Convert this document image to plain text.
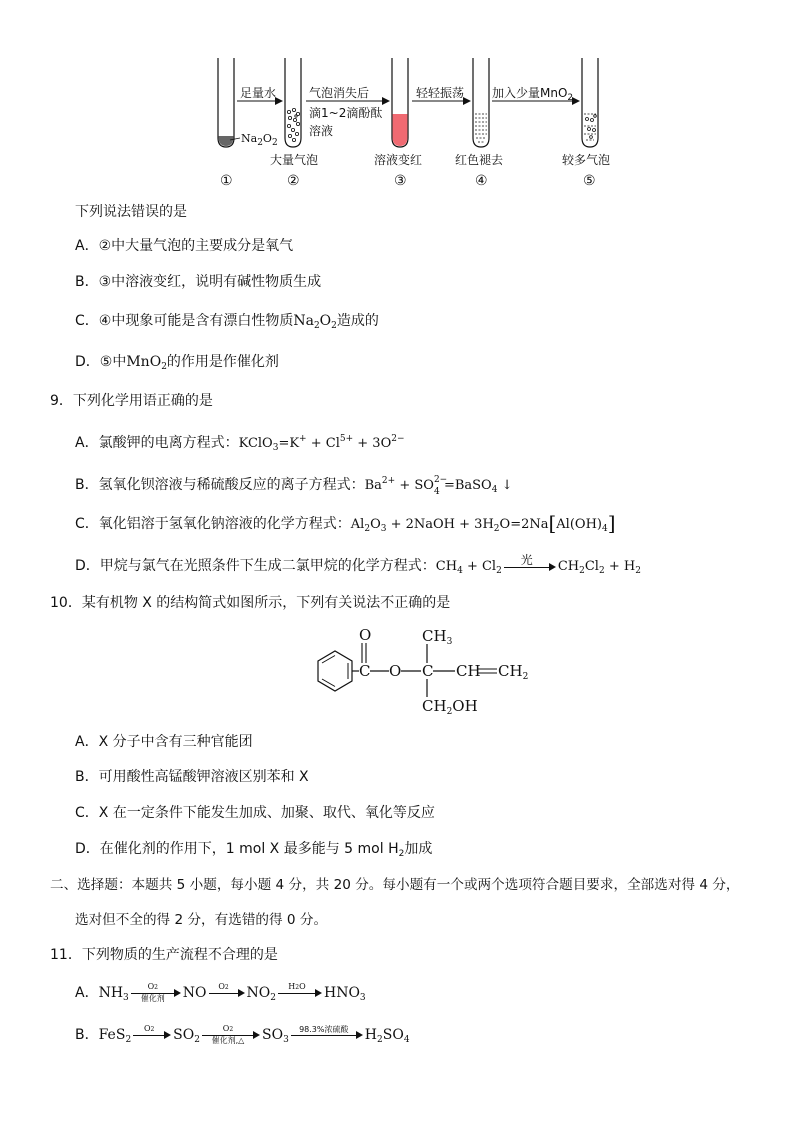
足量水	气泡消失后
滴1~2滴酚酞
溶液
轻轻振荡 加入少量MnO$_2$
$Na_2O_2$
大量气泡	溶液变红	红色褪去	较多气泡
①	②	③	④	⑤
下列说法错误的是
A．②中大量气泡的主要成分是氧气
B．③中溶液变红，说明有碱性物质生成
C．④中现象可能是含有漂白性物质$Na_2O_2$造成的
D．⑤中MnO$_2$的作用是作催化剂
9．下列化学用语正确的是
A．氯酸钾的电离方程式：KClO$_3$=K+ + $Cl^{5+} + 3O^{2-}$
B．氢氧化钡溶液与稀硫酸反应的离子方程式：$Ba^{2+}$ + SO 2−
4 =BaSO$_4$ ↓
C．氧化铝溶于氢氧化钠溶液的化学方程式：$Al_2O_3$ + 2NaOH + $3H_2O=2Na[Al(OH)_4]$
D．甲烷与氯气在光照条件下生成二氯甲烷的化学方程式：$CH_4 + Cl_2$
光	$CH_2Cl_2 + H_2$
10．某有机物 X 的结构简式如图所示，下列有关说法不正确的是
O
C O C
$CH_3$
CH $CH_2$
$CH_2OH$
A．X 分子中含有三种官能团
B．可用酸性高锰酸钾溶液区别苯和 X
C．X 在一定条件下能发生加成、加聚、取代、氧化等反应
D．在催化剂的作用下，1 mol X 最多能与 5 mol $H_2$加成
二、选择题：本题共 5 小题，每小题 4 分，共 20 分。每小题有一个或两个选项符合题目要求，全部选对得 4 分，
选对但不全的得 2 分，有选错的得 0 分。
11．下列物质的生产流程不合理的是
A．$NH_3$
O2
催化剂	NO	O2	$NO_2$
H2O	$HNO_3$
B．FeS$_2$
O2	$SO_2$
O2
催化剂,△	$SO_3$
98.3%浓硫酸	$H_2SO_4$
